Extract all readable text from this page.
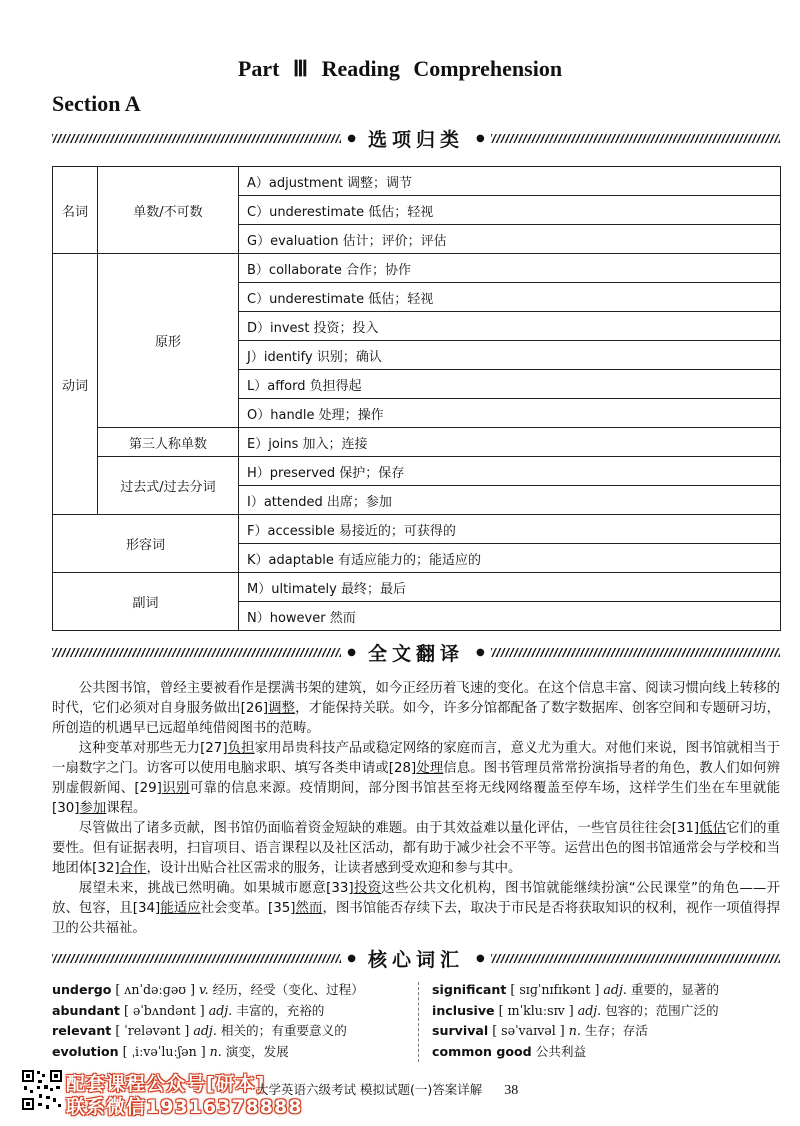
Part Ⅲ Reading Comprehension
Section A
● 选项归类	●
名词	单数/不可数	A）adjustment 调整；调节
		C）underestimate 低估；轻视
		G）evaluation 估计；评价；评估
动词	原形	B）collaborate 合作；协作
		C）underestimate 低估；轻视
		D）invest 投资；投入
		J）identify 识别；确认
		L）afford 负担得起
		O）handle 处理；操作
	第三人称单数	E）joins 加入；连接
	过去式/过去分词	H）preserved 保护；保存
		I）attended 出席；参加
形容词		F）accessible 易接近的；可获得的
		K）adaptable 有适应能力的；能适应的
副词		M）ultimately 最终；最后
		N）however 然而
● 全文翻译	●

公共图书馆，曾经主要被看作是摆满书架的建筑，如今正经历着飞速的变化。在这个信息丰富、阅读习惯向线上转移的时代，它们必须对自身服务做出[26]调整，才能保持关联。如今，许多分馆都配备了数字数据库、创客空间和专题研习坊，所创造的机遇早已远超单纯借阅图书的范畴。

这种变革对那些无力[27]负担家用昂贵科技产品或稳定网络的家庭而言，意义尤为重大。对他们来说，图书馆就相当于一扇数字之门。访客可以使用电脑求职、填写各类申请或[28]处理信息。图书管理员常常扮演指导者的角色，教人们如何辨别虚假新闻、[29]识别可靠的信息来源。疫情期间，部分图书馆甚至将无线网络覆盖至停车场，这样学生们坐在车里就能[30]参加课程。

尽管做出了诸多贡献，图书馆仍面临着资金短缺的难题。由于其效益难以量化评估，一些官员往往会[31]低估它们的重要性。但有证据表明，扫盲项目、语言课程以及社区活动，都有助于减少社会不平等。运营出色的图书馆通常会与学校和当地团体[32]合作，设计出贴合社区需求的服务，让读者感到受欢迎和参与其中。

展望未来，挑战已然明确。如果城市愿意[33]投资这些公共文化机构，图书馆就能继续扮演“公民课堂”的角色——开放、包容，且[34]能适应社会变革。[35]然而，图书馆能否存续下去，取决于市民是否将获取知识的权利，视作一项值得捍卫的公共福祉。

● 核心词汇	●
undergo [ ʌnˈdəːɡəʊ ] v. 经历，经受（变化、过程）
abundant [ əˈbʌndənt ] adj. 丰富的，充裕的
relevant [ ˈreləvənt ] adj. 相关的；有重要意义的
evolution [ ˌiːvəˈluːʃən ] n. 演变，发展
significant [ sɪɡˈnɪfɪkənt ] adj. 重要的，显著的
inclusive [ ɪnˈkluːsɪv ] adj. 包容的；范围广泛的
survival [ səˈvaɪvəl ] n. 生存；存活
common good 公共利益
配套课程公众号[研本]
联系微信19316378888
大学英语六级考试 模拟试题(一)答案详解 38
